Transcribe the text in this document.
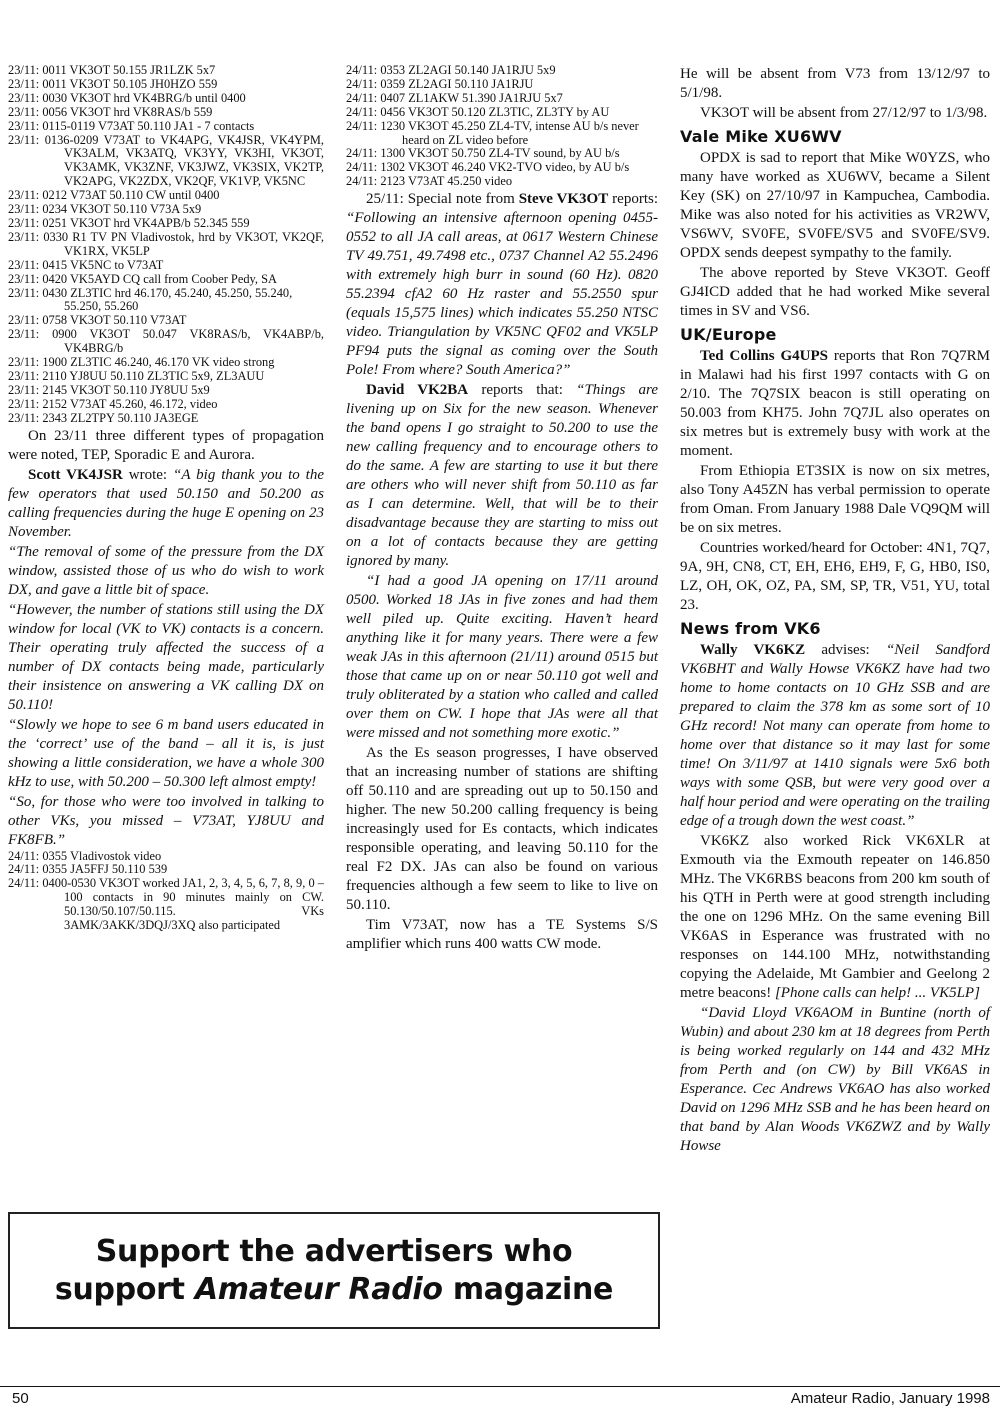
23/11: 0011 VK3OT 50.155 JR1LZK 5x7
23/11: 0011 VK3OT 50.105 JH0HZO 559
23/11: 0030 VK3OT hrd VK4BRG/b until 0400
23/11: 0056 VK3OT hrd VK8RAS/b 559
23/11: 0115-0119 V73AT 50.110 JA1 - 7 contacts
23/11: 0136-0209 V73AT to VK4APG, VK4JSR, VK4YPM, VK3ALM, VK3ATQ, VK3YY, VK3HI, VK3OT, VK3AMK, VK3ZNF, VK3JWZ, VK3SIX, VK2TP, VK2APG, VK2ZDX, VK2QF, VK1VP, VK5NC
23/11: 0212 V73AT 50.110 CW until 0400
23/11: 0234 VK3OT 50.110 V73A 5x9
23/11: 0251 VK3OT hrd VK4APB/b 52.345 559
23/11: 0330 R1 TV PN Vladivostok, hrd by VK3OT, VK2QF, VK1RX, VK5LP
23/11: 0415 VK5NC to V73AT
23/11: 0420 VK5AYD CQ call from Coober Pedy, SA
23/11: 0430 ZL3TIC hrd 46.170, 45.240, 45.250, 55.240, 55.250, 55.260
23/11: 0758 VK3OT 50.110 V73AT
23/11: 0900 VK3OT 50.047 VK8RAS/b, VK4ABP/b, VK4BRG/b
23/11: 1900 ZL3TIC 46.240, 46.170 VK video strong
23/11: 2110 YJ8UU 50.110 ZL3TIC 5x9, ZL3AUU
23/11: 2145 VK3OT 50.110 JY8UU 5x9
23/11: 2152 V73AT 45.260, 46.172, video
23/11: 2343 ZL2TPY 50.110 JA3EGE

On 23/11 three different types of propagation were noted, TEP, Sporadic E and Aurora.

Scott VK4JSR wrote: “A big thank you to the few operators that used 50.150 and 50.200 as calling frequencies during the huge E opening on 23 November.

“The removal of some of the pressure from the DX window, assisted those of us who do wish to work DX, and gave a little bit of space.

“However, the number of stations still using the DX window for local (VK to VK) contacts is a concern. Their operating truly affected the success of a number of DX contacts being made, particularly their insistence on answering a VK calling DX on 50.110!

“Slowly we hope to see 6 m band users educated in the ‘correct’ use of the band – all it is, is just showing a little consideration, we have a whole 300 kHz to use, with 50.200 – 50.300 left almost empty!

“So, for those who were too involved in talking to other VKs, you missed – V73AT, YJ8UU and FK8FB.”

24/11: 0355 Vladivostok video
24/11: 0355 JA5FFJ 50.110 539
24/11: 0400-0530 VK3OT worked JA1, 2, 3, 4, 5, 6, 7, 8, 9, 0 – 100 contacts in 90 minutes mainly on CW. 50.130/50.107/50.115. VKs 3AMK/3AKK/3DQJ/3XQ also participated
24/11: 0353 ZL2AGI 50.140 JA1RJU 5x9
24/11: 0359 ZL2AGI 50.110 JA1RJU
24/11: 0407 ZL1AKW 51.390 JA1RJU 5x7
24/11: 0456 VK3OT 50.120 ZL3TIC, ZL3TY by AU
24/11: 1230 VK3OT 45.250 ZL4-TV, intense AU b/s never heard on ZL video before
24/11: 1300 VK3OT 50.750 ZL4-TV sound, by AU b/s
24/11: 1302 VK3OT 46.240 VK2-TVO video, by AU b/s
24/11: 2123 V73AT 45.250 video

25/11: Special note from Steve VK3OT reports: “Following an intensive afternoon opening 0455-0552 to all JA call areas, at 0617 Western Chinese TV 49.751, 49.7498 etc., 0737 Channel A2 55.2496 with extremely high burr in sound (60 Hz). 0820 55.2394 cfA2 60 Hz raster and 55.2550 spur (equals 15,575 lines) which indicates 55.250 NTSC video. Triangulation by VK5NC QF02 and VK5LP PF94 puts the signal as coming over the South Pole! From where? South America?”

David VK2BA reports that: “Things are livening up on Six for the new season. Whenever the band opens I go straight to 50.200 to use the new calling frequency and to encourage others to do the same. A few are starting to use it but there are others who will never shift from 50.110 as far as I can determine. Well, that will be to their disadvantage because they are starting to miss out on a lot of contacts because they are getting ignored by many.

“I had a good JA opening on 17/11 around 0500. Worked 18 JAs in five zones and had them well piled up. Quite exciting. Haven’t heard anything like it for many years. There were a few weak JAs in this afternoon (21/11) around 0515 but those that came up on or near 50.110 got well and truly obliterated by a station who called and called over them on CW. I hope that JAs were all that were missed and not something more exotic.”

As the Es season progresses, I have observed that an increasing number of stations are shifting off 50.110 and are spreading out up to 50.150 and higher. The new 50.200 calling frequency is being increasingly used for Es contacts, which indicates responsible operating, and leaving 50.110 for the real F2 DX. JAs can also be found on various frequencies although a few seem to like to live on 50.110.

Tim V73AT, now has a TE Systems S/S amplifier which runs 400 watts CW mode.

He will be absent from V73 from 13/12/97 to 5/1/98.

VK3OT will be absent from 27/12/97 to 1/3/98.

Vale Mike XU6WV

OPDX is sad to report that Mike W0YZS, who many have worked as XU6WV, became a Silent Key (SK) on 27/10/97 in Kampuchea, Cambodia. Mike was also noted for his activities as VR2WV, VS6WV, SV0FE, SV0FE/SV5 and SV0FE/SV9. OPDX sends deepest sympathy to the family.

The above reported by Steve VK3OT. Geoff GJ4ICD added that he had worked Mike several times in SV and VS6.

UK/Europe

Ted Collins G4UPS reports that Ron 7Q7RM in Malawi had his first 1997 contacts with G on 2/10. The 7Q7SIX beacon is still operating on 50.003 from KH75. John 7Q7JL also operates on six metres but is extremely busy with work at the moment.

From Ethiopia ET3SIX is now on six metres, also Tony A45ZN has verbal permission to operate from Oman. From January 1988 Dale VQ9QM will be on six metres.

Countries worked/heard for October: 4N1, 7Q7, 9A, 9H, CN8, CT, EH, EH6, EH9, F, G, HB0, IS0, LZ, OH, OK, OZ, PA, SM, SP, TR, V51, YU, total 23.

News from VK6

Wally VK6KZ advises: “Neil Sandford VK6BHT and Wally Howse VK6KZ have had two home to home contacts on 10 GHz SSB and are prepared to claim the 378 km as some sort of 10 GHz record! Not many can operate from home to home over that distance so it may last for some time! On 3/11/97 at 1410 signals were 5x6 both ways with some QSB, but were very good over a half hour period and were operating on the trailing edge of a trough down the west coast.”

VK6KZ also worked Rick VK6XLR at Exmouth via the Exmouth repeater on 146.850 MHz. The VK6RBS beacons from 200 km south of his QTH in Perth were at good strength including the one on 1296 MHz. On the same evening Bill VK6AS in Esperance was frustrated with no responses on 144.100 MHz, notwithstanding copying the Adelaide, Mt Gambier and Geelong 2 metre beacons! [Phone calls can help! ... VK5LP]

“David Lloyd VK6AOM in Buntine (north of Wubin) and about 230 km at 18 degrees from Perth is being worked regularly on 144 and 432 MHz from Perth and (on CW) by Bill VK6AS in Esperance. Cec Andrews VK6AO has also worked David on 1296 MHz SSB and he has been heard on that band by Alan Woods VK6ZWZ and by Wally Howse

Support the advertisers who
support Amateur Radio magazine
50	Amateur Radio, January 1998
